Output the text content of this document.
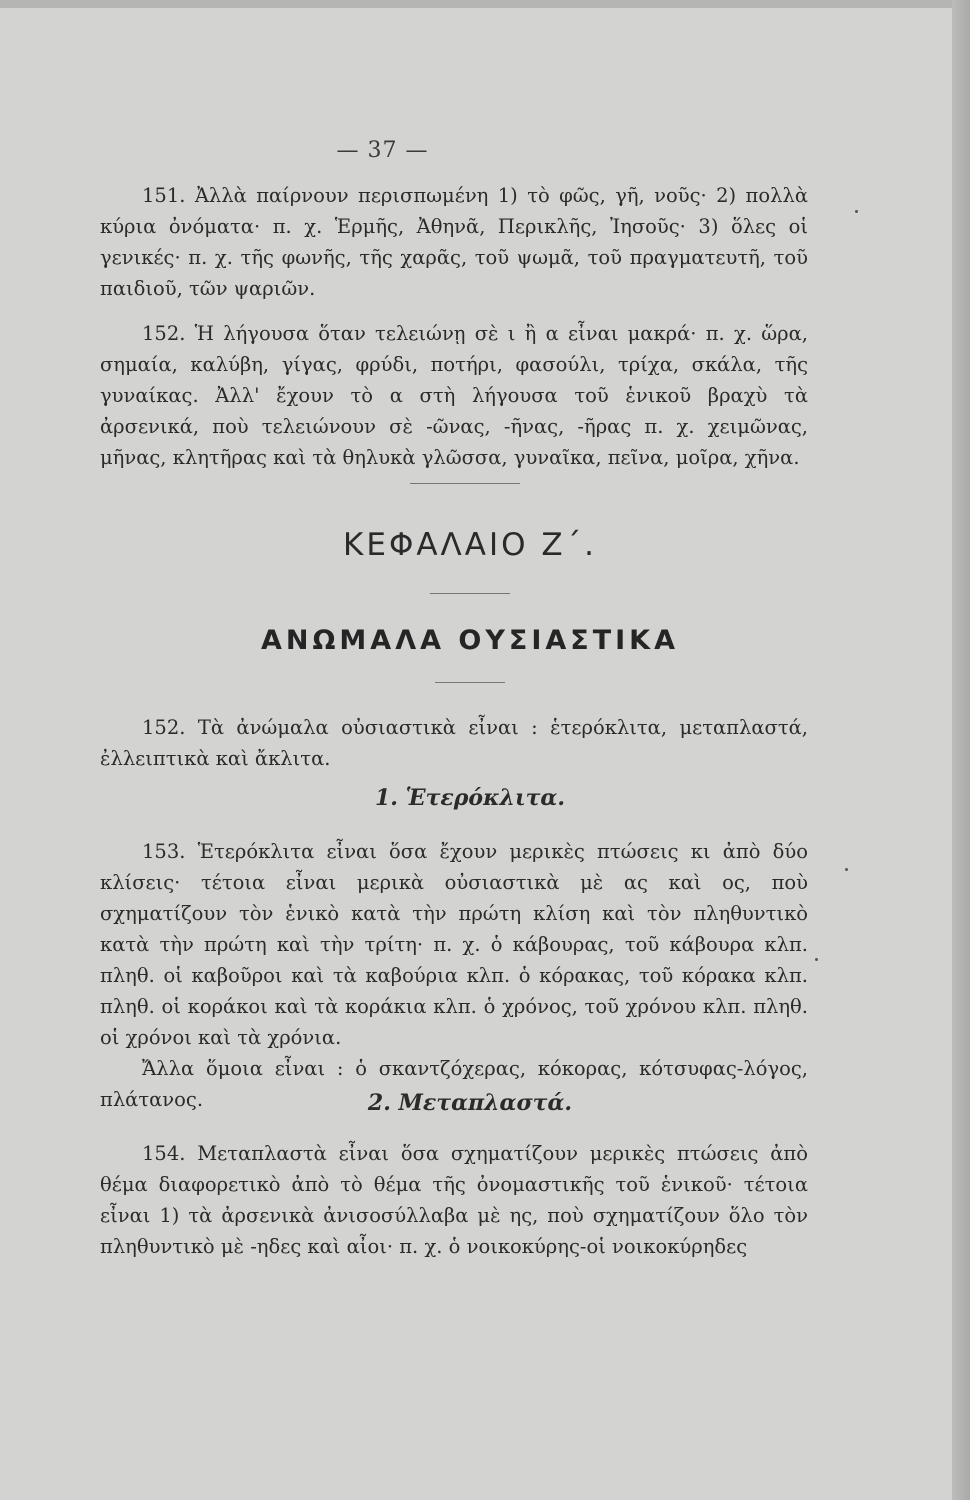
— 37 —

151. Ἀλλὰ παίρνουν περισπωμένη 1) τὸ φῶς, γῆ, νοῦς· 2) πολλὰ κύρια ὀνόματα· π. χ. Ἑρμῆς, Ἀθηνᾶ, Περικλῆς, Ἰησοῦς· 3) ὅλες οἱ γενικές· π. χ. τῆς φωνῆς, τῆς χαρᾶς, τοῦ ψωμᾶ, τοῦ πραγματευτῆ, τοῦ παιδιοῦ, τῶν ψαριῶν.

152. Ἡ λήγουσα ὅταν τελειώνῃ σὲ ι ἢ α εἶναι μακρά· π. χ. ὥρα, σημαία, καλύβη, γίγας, φρύδι, ποτήρι, φασούλι, τρίχα, σκάλα, τῆς γυναίκας. Ἀλλ' ἔχουν τὸ α στὴ λήγουσα τοῦ ἑνικοῦ βραχὺ τὰ ἀρσενικά, ποὺ τελειώνουν σὲ -ῶνας, -ῆνας, -ῆρας π. χ. χειμῶνας, μῆνας, κλητῆρας καὶ τὰ θηλυκὰ γλῶσσα, γυναῖκα, πεῖνα, μοῖρα, χῆνα.

ΚΕΦΑΛΑΙΟ Ζ΄.
ΑΝΩΜΑΛΑ ΟΥΣΙΑΣΤΙΚΑ

152. Τὰ ἀνώμαλα οὐσιαστικὰ εἶναι : ἑτερόκλιτα, μεταπλαστά, ἐλλειπτικὰ καὶ ἄκλιτα.

1. Ἑτερόκλιτα.

153. Ἑτερόκλιτα εἶναι ὅσα ἔχουν μερικὲς πτώσεις κι ἀπὸ δύο κλίσεις· τέτοια εἶναι μερικὰ οὐσιαστικὰ μὲ ας καὶ ος, ποὺ σχηματίζουν τὸν ἑνικὸ κατὰ τὴν πρώτη κλίση καὶ τὸν πληθυντικὸ κατὰ τὴν πρώτη καὶ τὴν τρίτη· π. χ. ὁ κάβουρας, τοῦ κάβουρα κλπ. πληθ. οἱ καβοῦροι καὶ τὰ καβούρια κλπ. ὁ κόρακας, τοῦ κόρακα κλπ. πληθ. οἱ κοράκοι καὶ τὰ κοράκια κλπ. ὁ χρόνος, τοῦ χρόνου κλπ. πληθ. οἱ χρόνοι καὶ τὰ χρόνια.

Ἄλλα ὅμοια εἶναι : ὁ σκαντζόχερας, κόκορας, κότσυφας-λόγος, πλάτανος.	2. Μεταπλαστά.

154. Μεταπλαστὰ εἶναι ὅσα σχηματίζουν μερικὲς πτώσεις ἀπὸ θέμα διαφορετικὸ ἀπὸ τὸ θέμα τῆς ὀνομαστικῆς τοῦ ἑνικοῦ· τέτοια εἶναι 1) τὰ ἀρσενικὰ ἀνισοσύλλαβα μὲ ης, ποὺ σχηματίζουν ὅλο τὸν πληθυντικὸ μὲ -ηδες καὶ αἶοι· π. χ. ὁ νοικοκύρης-οἱ νοικοκύρηδες
